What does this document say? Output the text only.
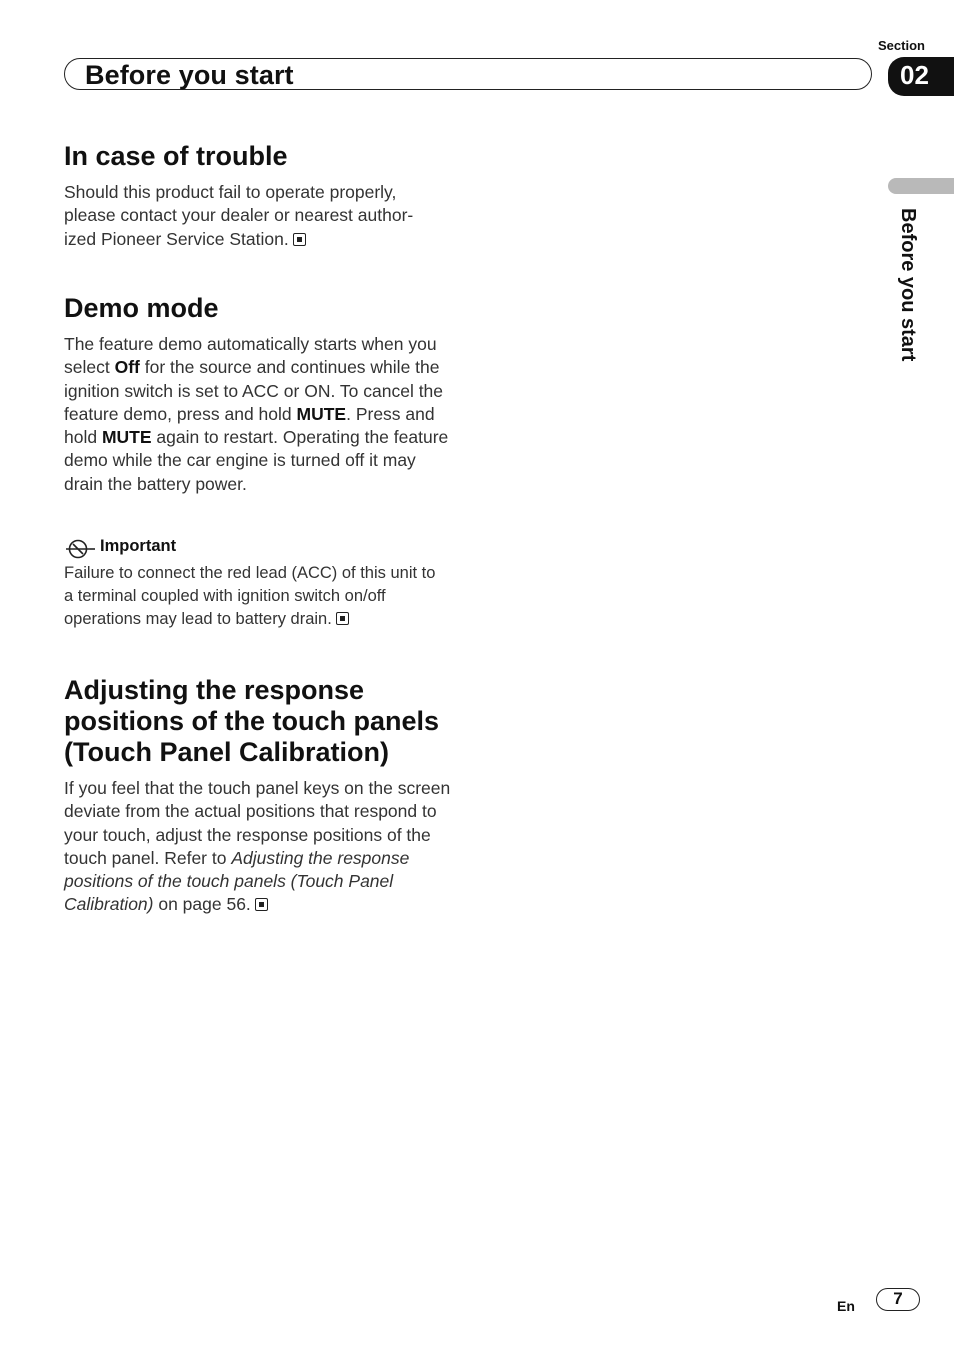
Section
Before you start	02
Before you start
In case of trouble

Should this product fail to operate properly,
please contact your dealer or nearest author-
ized Pioneer Service Station.

Demo mode

The feature demo automatically starts when you select Off for the source and continues while the ignition switch is set to ACC or ON. To cancel the feature demo, press and hold MUTE. Press and hold MUTE again to restart. Operating the feature demo while the car engine is turned off it may drain the battery power.

Important

Failure to connect the red lead (ACC) of this unit to a terminal coupled with ignition switch on/off operations may lead to battery drain.

Adjusting the response
positions of the touch panels
(Touch Panel Calibration)

If you feel that the touch panel keys on the screen deviate from the actual positions that respond to your touch, adjust the response positions of the touch panel. Refer to Adjusting the response positions of the touch panels (Touch Panel Calibration) on page 56.

En	7
